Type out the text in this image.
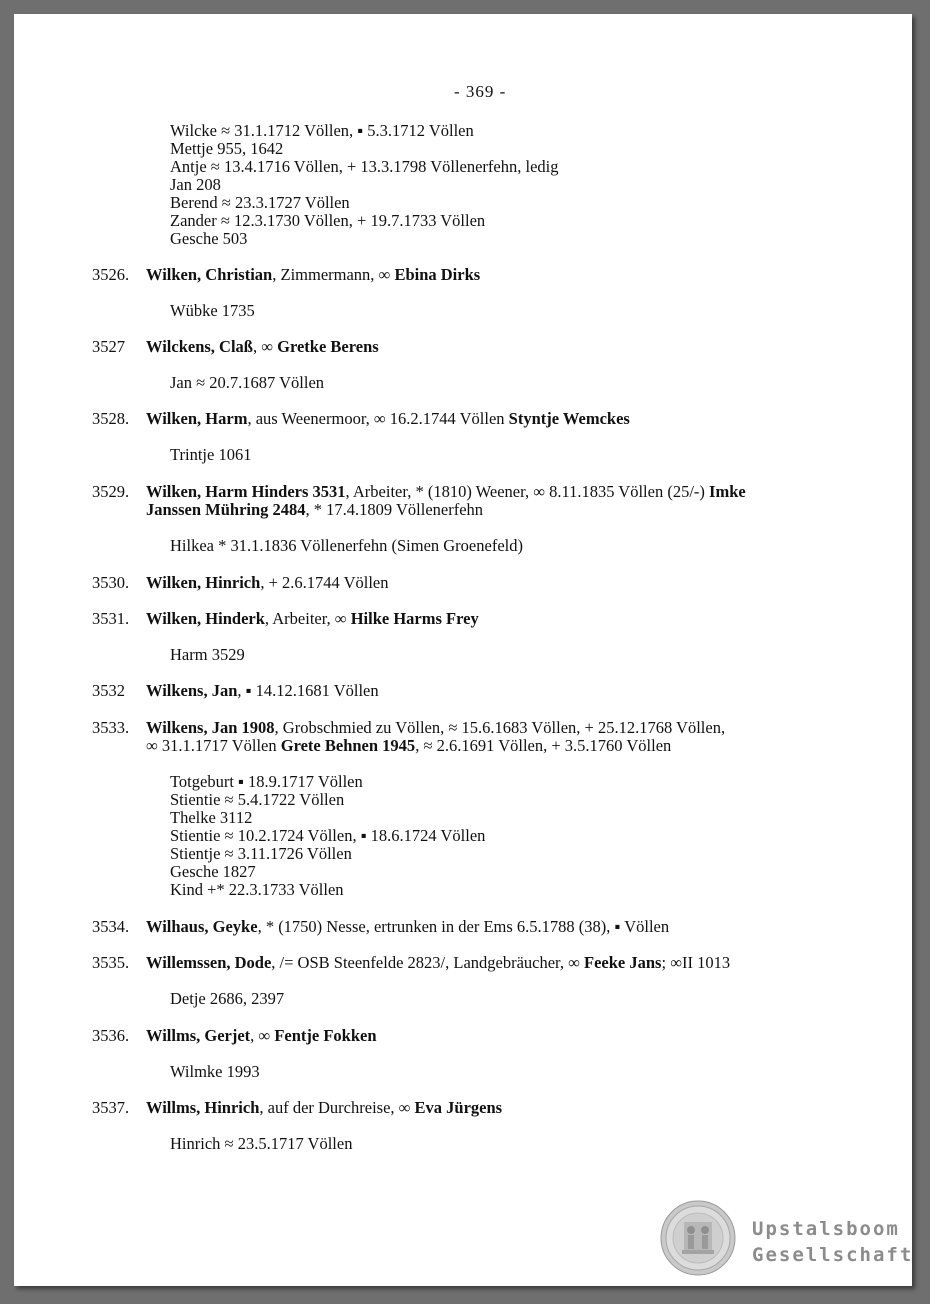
- 369 -
Wilcke ≈ 31.1.1712 Völlen, ▪ 5.3.1712 Völlen
Mettje 955, 1642
Antje ≈ 13.4.1716 Völlen, + 13.3.1798 Völlenerfehn, ledig
Jan 208
Berend ≈ 23.3.1727 Völlen
Zander ≈ 12.3.1730 Völlen, + 19.7.1733 Völlen
Gesche 503
3526. Wilken, Christian, Zimmermann, ∞ Ebina Dirks
Wübke 1735
3527 Wilckens, Claß, ∞ Gretke Berens
Jan ≈ 20.7.1687 Völlen
3528. Wilken, Harm, aus Weenermoor, ∞ 16.2.1744 Völlen Styntje Wemckes
Trintje 1061
3529. Wilken, Harm Hinders 3531, Arbeiter, * (1810) Weener, ∞ 8.11.1835 Völlen (25/-) Imke
Janssen Mühring 2484, * 17.4.1809 Völlenerfehn
Hilkea * 31.1.1836 Völlenerfehn (Simen Groenefeld)
3530. Wilken, Hinrich, + 2.6.1744 Völlen
3531. Wilken, Hinderk, Arbeiter, ∞ Hilke Harms Frey
Harm 3529
3532 Wilkens, Jan, ▪ 14.12.1681 Völlen
3533. Wilkens, Jan 1908, Grobschmied zu Völlen, ≈ 15.6.1683 Völlen, + 25.12.1768 Völlen,
∞ 31.1.1717 Völlen Grete Behnen 1945, ≈ 2.6.1691 Völlen, + 3.5.1760 Völlen
Totgeburt ▪ 18.9.1717 Völlen
Stientie ≈ 5.4.1722 Völlen
Thelke 3112
Stientie ≈ 10.2.1724 Völlen, ▪ 18.6.1724 Völlen
Stientje ≈ 3.11.1726 Völlen
Gesche 1827
Kind +* 22.3.1733 Völlen
3534. Wilhaus, Geyke, * (1750) Nesse, ertrunken in der Ems 6.5.1788 (38), ▪ Völlen
3535. Willemssen, Dode, /= OSB Steenfelde 2823/, Landgebräucher, ∞ Feeke Jans; ∞II 1013
Detje 2686, 2397
3536. Willms, Gerjet, ∞ Fentje Fokken
Wilmke 1993
3537. Willms, Hinrich, auf der Durchreise, ∞ Eva Jürgens
Hinrich ≈ 23.5.1717 Völlen
Upstalsboom
Gesellschaft
